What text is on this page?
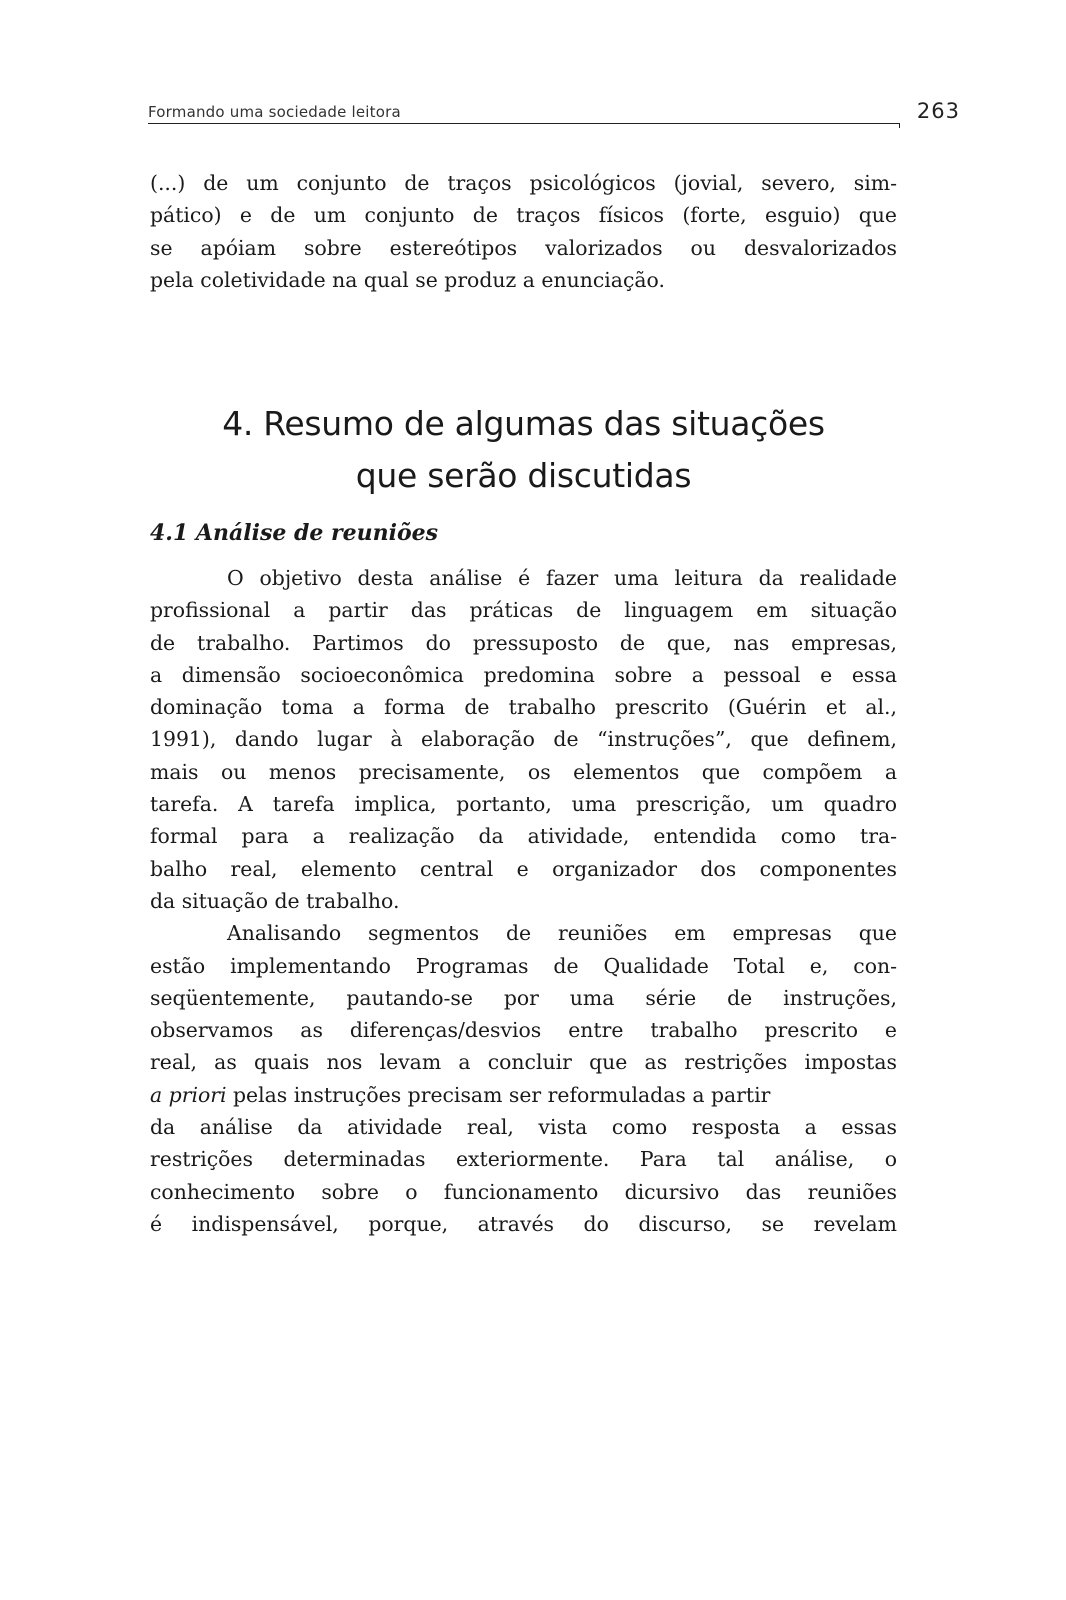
Formando uma sociedade leitora	263
(...) de um conjunto de traços psicológicos (jovial, severo, sim-
pático) e de um conjunto de traços físicos (forte, esguio) que
se apóiam sobre estereótipos valorizados ou desvalorizados
pela coletividade na qual se produz a enunciação.
4. Resumo de algumas das situações
que serão discutidas
4.1 Análise de reuniões
O objetivo desta análise é fazer uma leitura da realidade
profissional a partir das práticas de linguagem em situação
de trabalho. Partimos do pressuposto de que, nas empresas,
a dimensão socioeconômica predomina sobre a pessoal e essa
dominação toma a forma de trabalho prescrito (Guérin et al.,
1991), dando lugar à elaboração de “instruções”, que definem,
mais ou menos precisamente, os elementos que compõem a
tarefa. A tarefa implica, portanto, uma prescrição, um quadro
formal para a realização da atividade, entendida como tra-
balho real, elemento central e organizador dos componentes
da situação de trabalho.
Analisando segmentos de reuniões em empresas que
estão implementando Programas de Qualidade Total e, con-
seqüentemente, pautando-se por uma série de instruções,
observamos as diferenças/desvios entre trabalho prescrito e
real, as quais nos levam a concluir que as restrições impostas
a priori pelas instruções precisam ser reformuladas a partir
da análise da atividade real, vista como resposta a essas
restrições determinadas exteriormente. Para tal análise, o
conhecimento sobre o funcionamento dicursivo das reuniões
é indispensável, porque, através do discurso, se revelam
